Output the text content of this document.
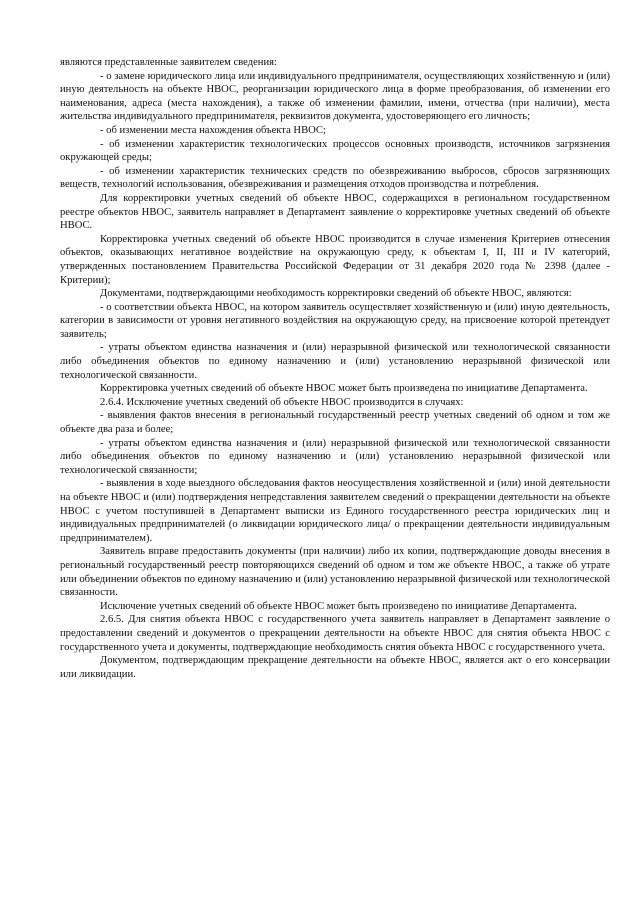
являются представленные заявителем сведения:

- о замене юридического лица или индивидуального предпринимателя, осуществляющих хозяйственную и (или) иную деятельность на объекте НВОС, реорганизации юридического лица в форме преобразования, об изменении его наименования, адреса (места нахождения), а также об изменении фамилии, имени, отчества (при наличии), места жительства индивидуального предпринимателя, реквизитов документа, удостоверяющего его личность;

- об изменении места нахождения объекта НВОС;

- об изменении характеристик технологических процессов основных производств, источников загрязнения окружающей среды;

- об изменении характеристик технических средств по обезвреживанию выбросов, сбросов загрязняющих веществ, технологий использования, обезвреживания и размещения отходов производства и потребления.

Для корректировки учетных сведений об объекте НВОС, содержащихся в региональном государственном реестре объектов НВОС, заявитель направляет в Департамент заявление о корректировке учетных сведений об объекте НВОС.

Корректировка учетных сведений об объекте НВОС производится в случае изменения Критериев отнесения объектов, оказывающих негативное воздействие на окружающую среду, к объектам I, II, III и IV категорий, утвержденных постановлением Правительства Российской Федерации от 31 декабря 2020 года № 2398 (далее - Критерии);

Документами, подтверждающими необходимость корректировки сведений об объекте НВОС, являются:

- о соответствии объекта НВОС, на котором заявитель осуществляет хозяйственную и (или) иную деятельность, категории в зависимости от уровня негативного воздействия на окружающую среду, на присвоение которой претендует заявитель;

- утраты объектом единства назначения и (или) неразрывной физической или технологической связанности либо объединения объектов по единому назначению и (или) установлению неразрывной физической или технологической связанности.

Корректировка учетных сведений об объекте НВОС может быть произведена по инициативе Департамента.

2.6.4. Исключение учетных сведений об объекте НВОС производится в случаях:

- выявления фактов внесения в региональный государственный реестр учетных сведений об одном и том же объекте два раза и более;

- утраты объектом единства назначения и (или) неразрывной физической или технологической связанности либо объединения объектов по единому назначению и (или) установлению неразрывной физической или технологической связанности;

- выявления в ходе выездного обследования фактов неосуществления хозяйственной и (или) иной деятельности на объекте НВОС и (или) подтверждения непредставления заявителем сведений о прекращении деятельности на объекте НВОС с учетом поступившей в Департамент выписки из Единого государственного реестра юридических лиц и индивидуальных предпринимателей (о ликвидации юридического лица/ о прекращении деятельности индивидуальным предпринимателем).

Заявитель вправе предоставить документы (при наличии) либо их копии, подтверждающие доводы внесения в региональный государственный реестр повторяющихся сведений об одном и том же объекте НВОС, а также об утрате или объединении объектов по единому назначению и (или) установлению неразрывной физической или технологической связанности.

Исключение учетных сведений об объекте НВОС может быть произведено по инициативе Департамента.

2.6.5. Для снятия объекта НВОС с государственного учета заявитель направляет в Департамент заявление о предоставлении сведений и документов о прекращении деятельности на объекте НВОС для снятия объекта НВОС с государственного учета и документы, подтверждающие необходимость снятия объекта НВОС с государственного учета.

Документом, подтверждающим прекращение деятельности на объекте НВОС, является акт о его консервации или ликвидации.
